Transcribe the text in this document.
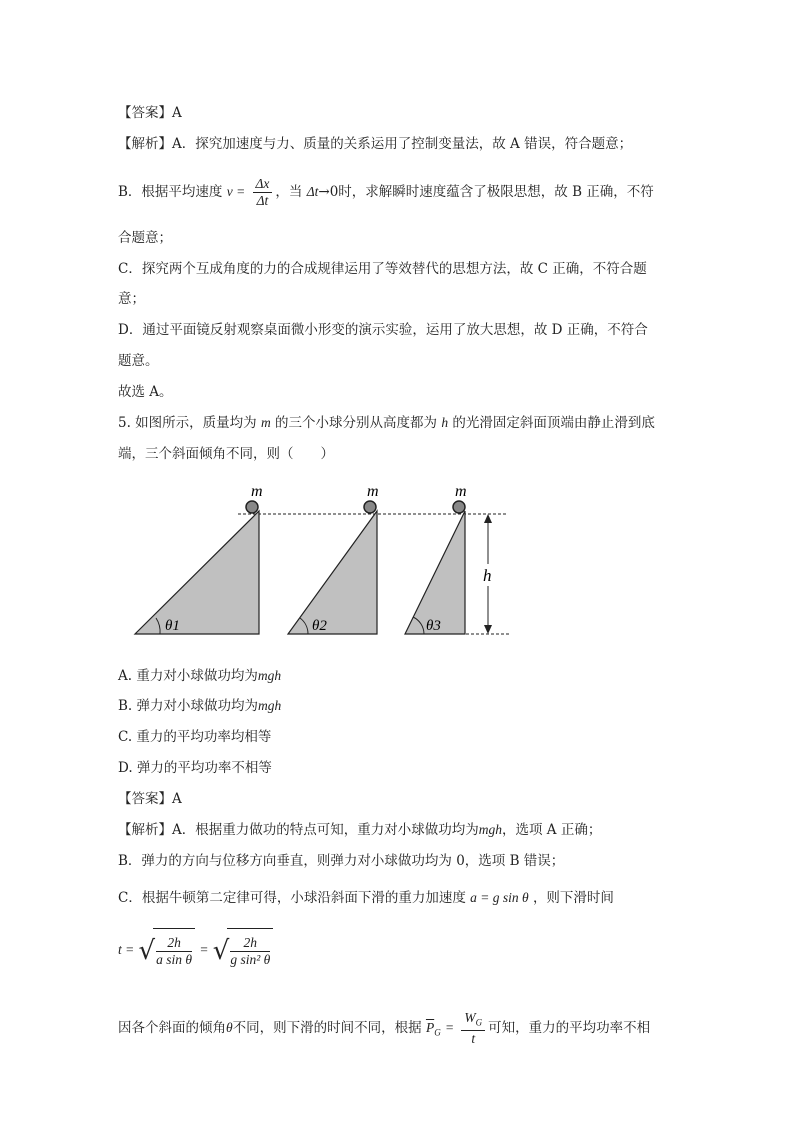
【答案】A
【解析】A．探究加速度与力、质量的关系运用了控制变量法，故 A 错误，符合题意；
B．根据平均速度 $v = \frac{\Delta x}{\Delta t}$ ，当 Δt→0时，求解瞬时速度蕴含了极限思想，故 B 正确，不符
合题意；
C．探究两个互成角度的力的合成规律运用了等效替代的思想方法，故 C 正确，不符合题
意；
D．通过平面镜反射观察桌面微小形变的演示实验，运用了放大思想，故 D 正确，不符合
题意。
故选 A。
5. 如图所示，质量均为 m 的三个小球分别从高度都为 h 的光滑固定斜面顶端由静止滑到底
端，三个斜面倾角不同，则（　　）
m	m	m
h
θ1	θ2	θ3
A. 重力对小球做功均为mgh
B. 弹力对小球做功均为mgh
C. 重力的平均功率均相等
D. 弹力的平均功率不相等
【答案】A
【解析】A．根据重力做功的特点可知，重力对小球做功均为mgh，选项 A 正确；
B．弹力的方向与位移方向垂直，则弹力对小球做功均为 0，选项 B 错误；
C．根据牛顿第二定律可得，小球沿斜面下滑的重力加速度 a = g sin θ ，则下滑时间
t = √ $\frac{2h}{\text{a sin θ}}$ = √ $\frac{2h}{\text{g sin² θ}}$
因各个斜面的倾角θ不同，则下滑的时间不同，根据 $\overline{P}_G = \frac{W_G}{t}$ 可知，重力的平均功率不相
